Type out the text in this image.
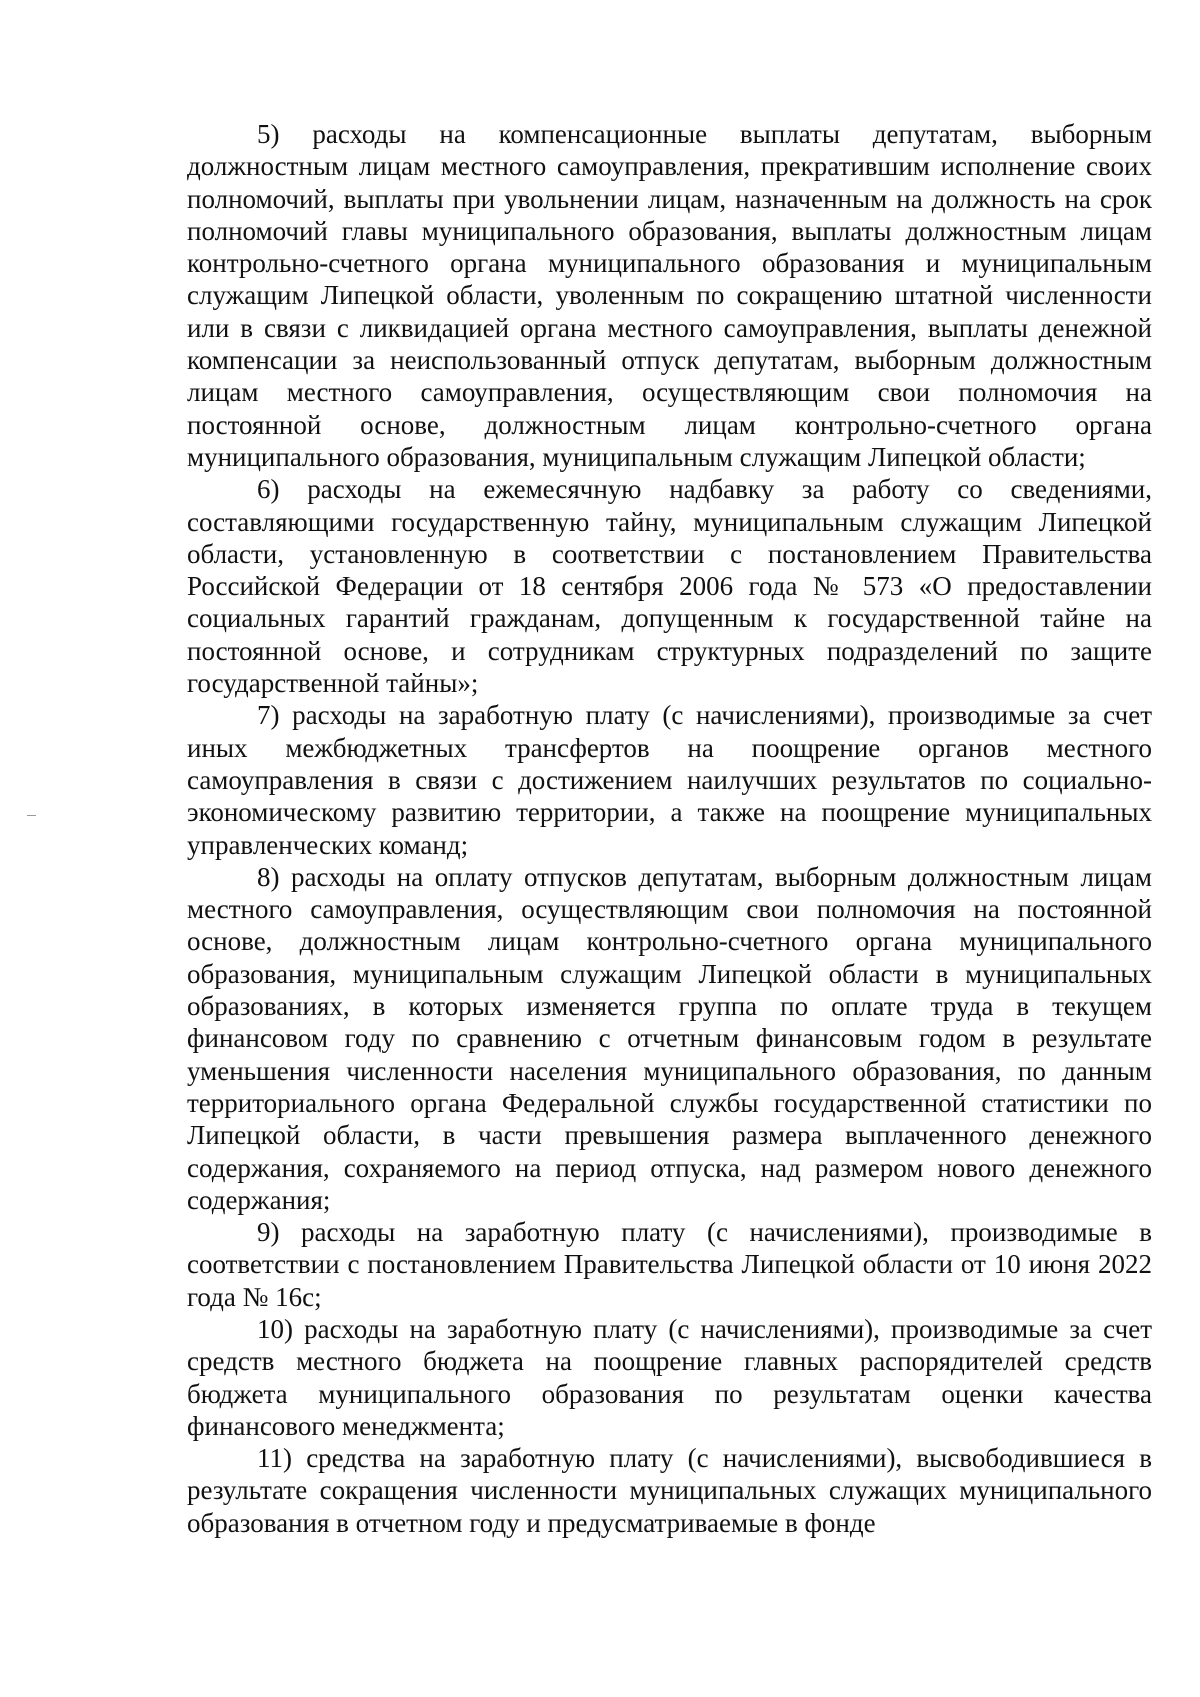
5) расходы на компенсационные выплаты депутатам, выборным должностным лицам местного самоуправления, прекратившим исполнение своих полномочий, выплаты при увольнении лицам, назначенным на должность на срок полномочий главы муниципального образования, выплаты должностным лицам контрольно-счетного органа муниципального образования и муниципальным служащим Липецкой области, уволенным по сокращению штатной численности или в связи с ликвидацией органа местного самоуправления, выплаты денежной компенсации за неиспользованный отпуск депутатам, выборным должностным лицам местного самоуправления, осуществляющим свои полномочия на постоянной основе, должностным лицам контрольно-счетного органа муниципального образования, муниципальным служащим Липецкой области;

6) расходы на ежемесячную надбавку за работу со сведениями, составляющими государственную тайну, муниципальным служащим Липецкой области, установленную в соответствии с постановлением Правительства Российской Федерации от 18 сентября 2006 года № 573 «О предоставлении социальных гарантий гражданам, допущенным к государственной тайне на постоянной основе, и сотрудникам структурных подразделений по защите государственной тайны»;

7) расходы на заработную плату (с начислениями), производимые за счет иных межбюджетных трансфертов на поощрение органов местного самоуправления в связи с достижением наилучших результатов по социально-экономическому развитию территории, а также на поощрение муниципальных управленческих команд;

8) расходы на оплату отпусков депутатам, выборным должностным лицам местного самоуправления, осуществляющим свои полномочия на постоянной основе, должностным лицам контрольно-счетного органа муниципального образования, муниципальным служащим Липецкой области в муниципальных образованиях, в которых изменяется группа по оплате труда в текущем финансовом году по сравнению с отчетным финансовым годом в результате уменьшения численности населения муниципального образования, по данным территориального органа Федеральной службы государственной статистики по Липецкой области, в части превышения размера выплаченного денежного содержания, сохраняемого на период отпуска, над размером нового денежного содержания;

9) расходы на заработную плату (с начислениями), производимые в соответствии с постановлением Правительства Липецкой области от 10 июня 2022 года № 16с;

10) расходы на заработную плату (с начислениями), производимые за счет средств местного бюджета на поощрение главных распорядителей средств бюджета муниципального образования по результатам оценки качества финансового менеджмента;

11) средства на заработную плату (с начислениями), высвободившиеся в результате сокращения численности муниципальных служащих муниципального образования в отчетном году и предусматриваемые в фонде
